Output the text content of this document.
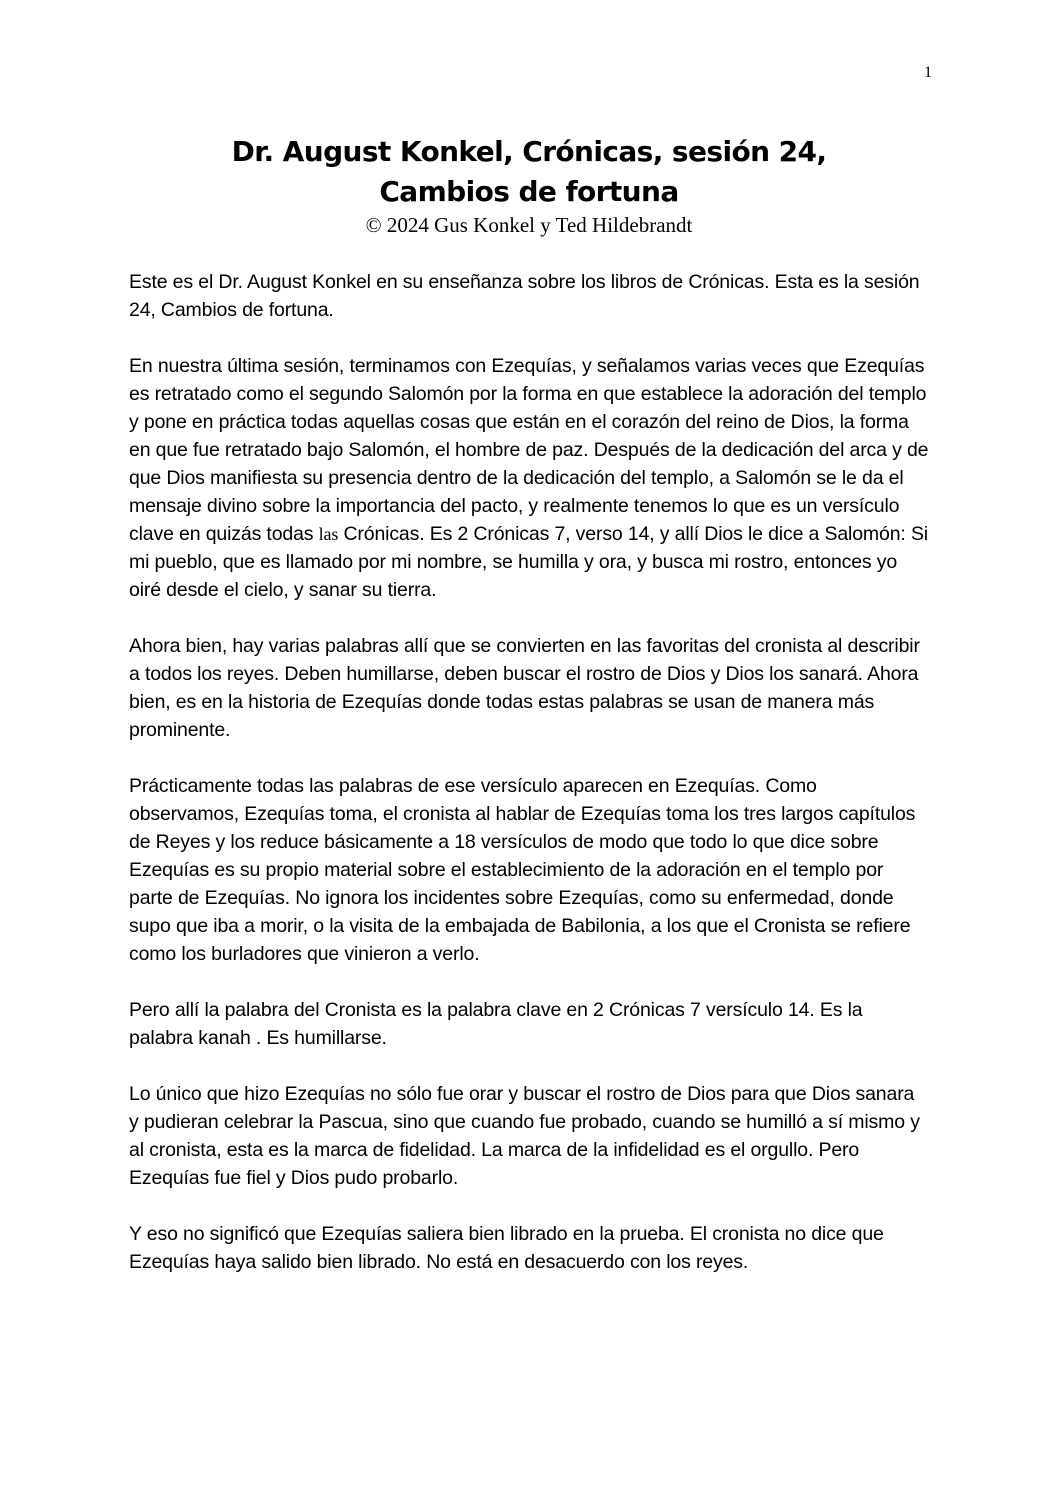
1
Dr. August Konkel, Crónicas, sesión 24,
Cambios de fortuna
© 2024 Gus Konkel y Ted Hildebrandt

Este es el Dr. August Konkel en su enseñanza sobre los libros de Crónicas. Esta es la sesión 24, Cambios de fortuna.

En nuestra última sesión, terminamos con Ezequías, y señalamos varias veces que Ezequías es retratado como el segundo Salomón por la forma en que establece la adoración del templo y pone en práctica todas aquellas cosas que están en el corazón del reino de Dios, la forma en que fue retratado bajo Salomón, el hombre de paz. Después de la dedicación del arca y de que Dios manifiesta su presencia dentro de la dedicación del templo, a Salomón se le da el mensaje divino sobre la importancia del pacto, y realmente tenemos lo que es un versículo clave en quizás todas las Crónicas. Es 2 Crónicas 7, verso 14, y allí Dios le dice a Salomón: Si mi pueblo, que es llamado por mi nombre, se humilla y ora, y busca mi rostro, entonces yo oiré desde el cielo, y sanar su tierra.

Ahora bien, hay varias palabras allí que se convierten en las favoritas del cronista al describir a todos los reyes. Deben humillarse, deben buscar el rostro de Dios y Dios los sanará. Ahora bien, es en la historia de Ezequías donde todas estas palabras se usan de manera más prominente.

Prácticamente todas las palabras de ese versículo aparecen en Ezequías. Como observamos, Ezequías toma, el cronista al hablar de Ezequías toma los tres largos capítulos de Reyes y los reduce básicamente a 18 versículos de modo que todo lo que dice sobre Ezequías es su propio material sobre el establecimiento de la adoración en el templo por parte de Ezequías. No ignora los incidentes sobre Ezequías, como su enfermedad, donde supo que iba a morir, o la visita de la embajada de Babilonia, a los que el Cronista se refiere como los burladores que vinieron a verlo.

Pero allí la palabra del Cronista es la palabra clave en 2 Crónicas 7 versículo 14. Es la palabra kanah . Es humillarse.

Lo único que hizo Ezequías no sólo fue orar y buscar el rostro de Dios para que Dios sanara y pudieran celebrar la Pascua, sino que cuando fue probado, cuando se humilló a sí mismo y al cronista, esta es la marca de fidelidad. La marca de la infidelidad es el orgullo. Pero Ezequías fue fiel y Dios pudo probarlo.

Y eso no significó que Ezequías saliera bien librado en la prueba. El cronista no dice que Ezequías haya salido bien librado. No está en desacuerdo con los reyes.
